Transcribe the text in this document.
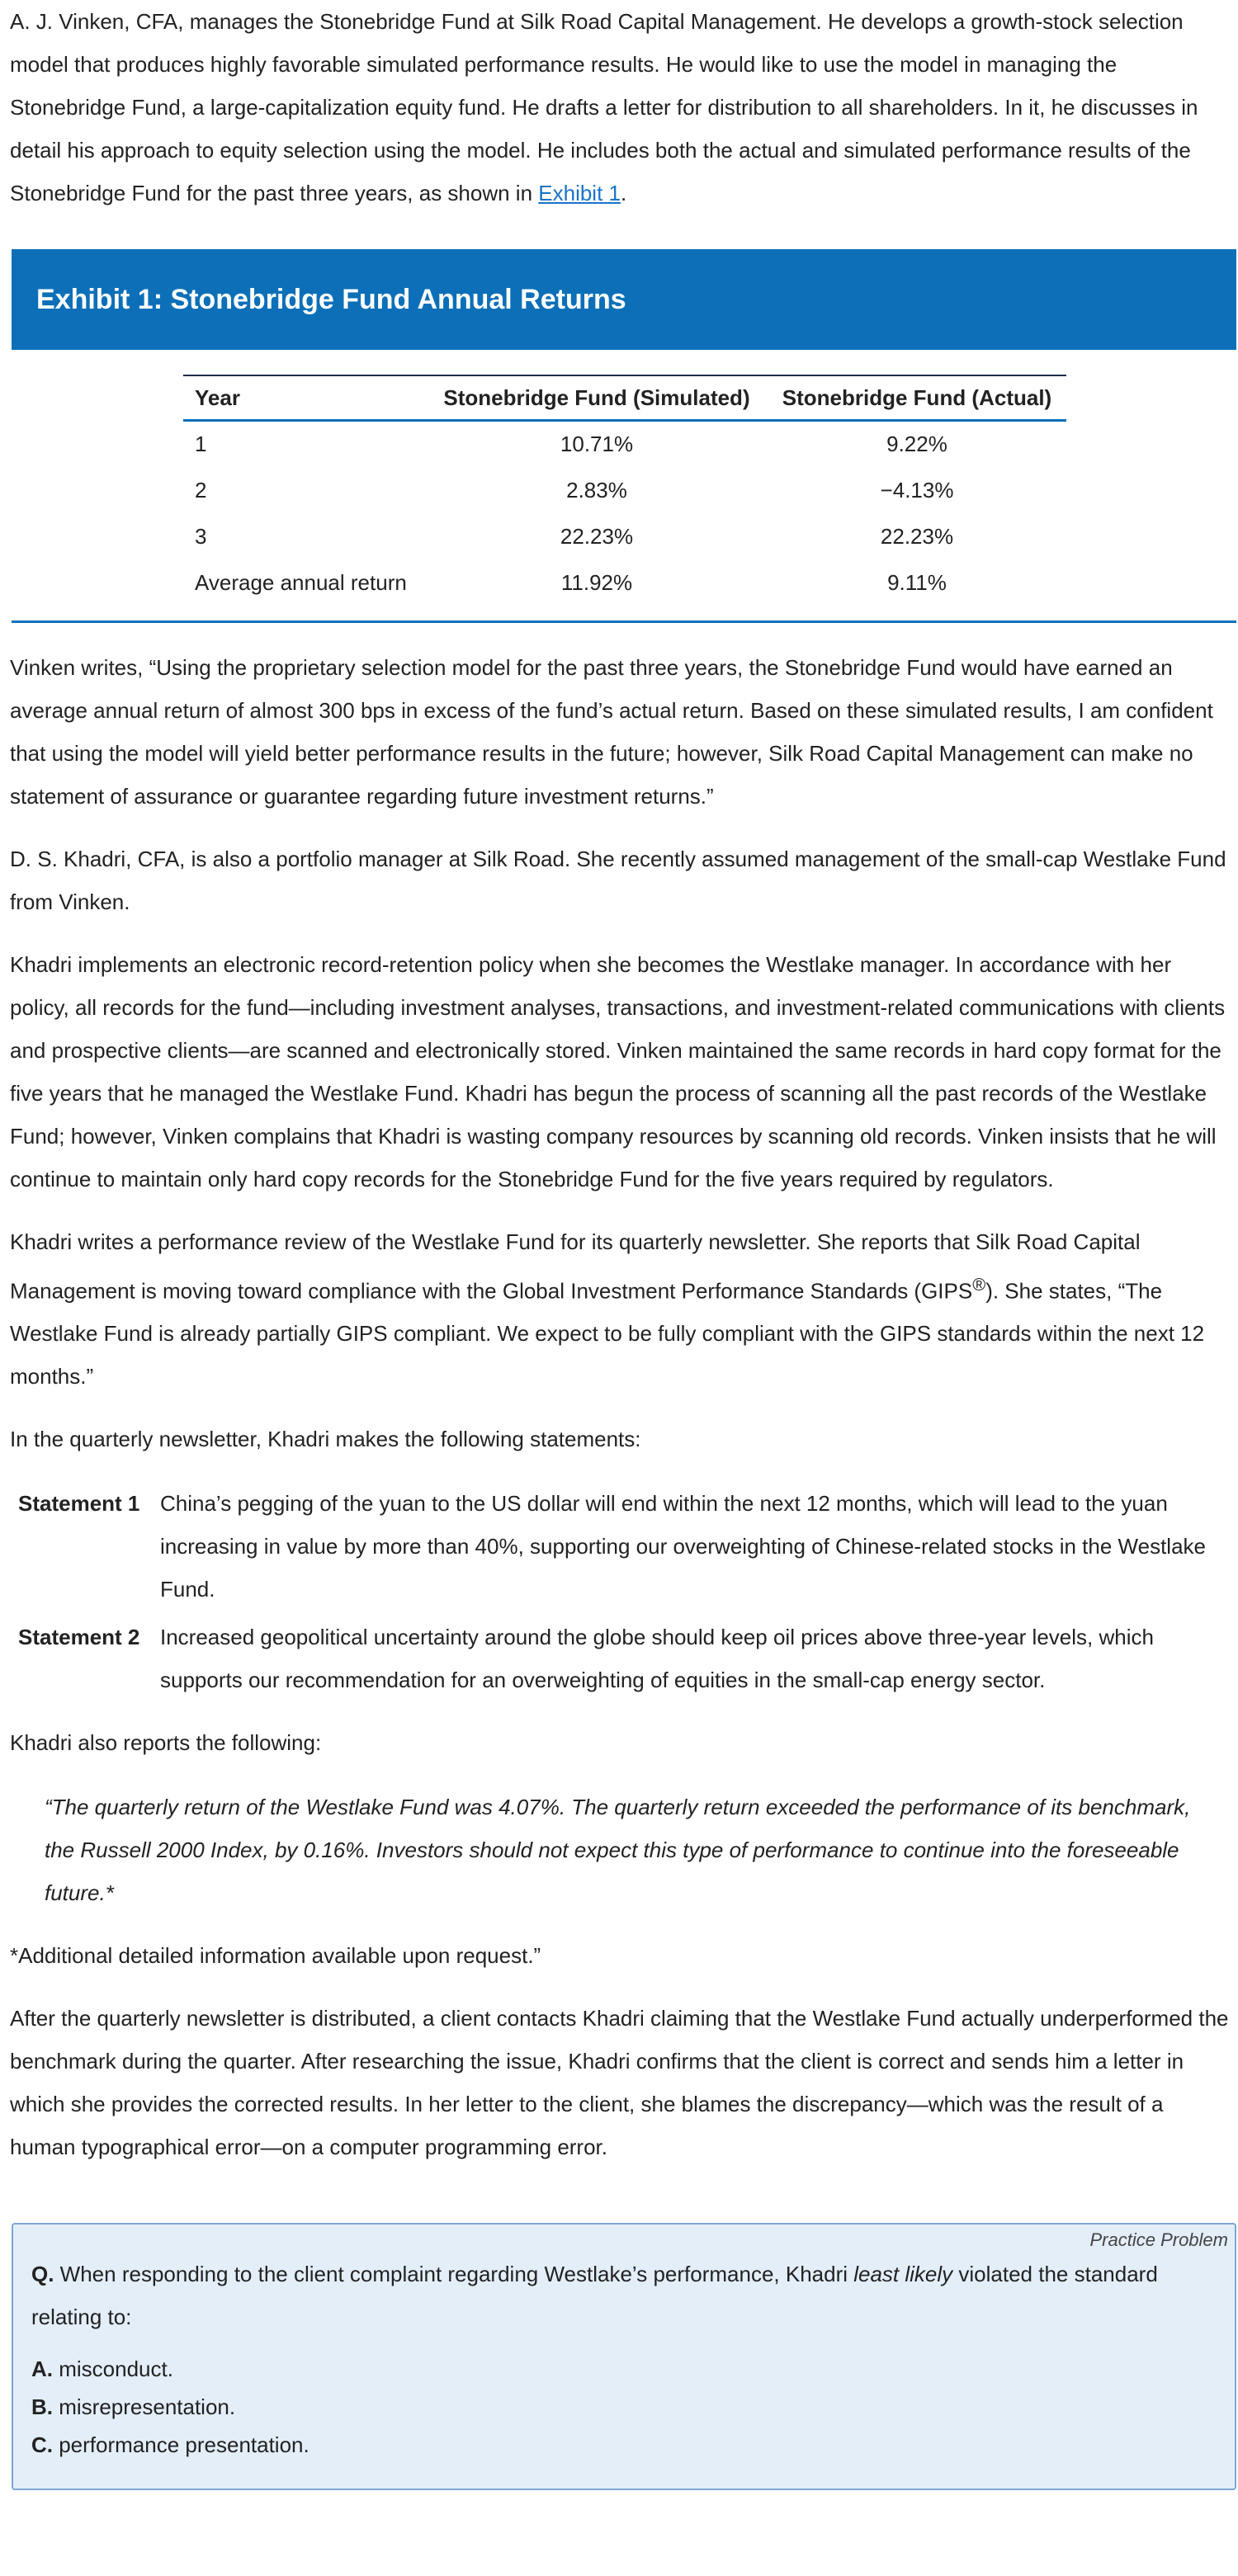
A. J. Vinken, CFA, manages the Stonebridge Fund at Silk Road Capital Management. He develops a growth-stock selection model that produces highly favorable simulated performance results. He would like to use the model in managing the Stonebridge Fund, a large-capitalization equity fund. He drafts a letter for distribution to all shareholders. In it, he discusses in detail his approach to equity selection using the model. He includes both the actual and simulated performance results of the Stonebridge Fund for the past three years, as shown in Exhibit 1.

Exhibit 1: Stonebridge Fund Annual Returns
Year	Stonebridge Fund (Simulated)	Stonebridge Fund (Actual)
1	10.71%	9.22%
2	2.83%	−4.13%
3	22.23%	22.23%
Average annual return	11.92%	9.11%

Vinken writes, “Using the proprietary selection model for the past three years, the Stonebridge Fund would have earned an average annual return of almost 300 bps in excess of the fund’s actual return. Based on these simulated results, I am confident that using the model will yield better performance results in the future; however, Silk Road Capital Management can make no statement of assurance or guarantee regarding future investment returns.”

D. S. Khadri, CFA, is also a portfolio manager at Silk Road. She recently assumed management of the small-cap Westlake Fund from Vinken.

Khadri implements an electronic record-retention policy when she becomes the Westlake manager. In accordance with her policy, all records for the fund—including investment analyses, transactions, and investment-related communications with clients and prospective clients—are scanned and electronically stored. Vinken maintained the same records in hard copy format for the five years that he managed the Westlake Fund. Khadri has begun the process of scanning all the past records of the Westlake Fund; however, Vinken complains that Khadri is wasting company resources by scanning old records. Vinken insists that he will continue to maintain only hard copy records for the Stonebridge Fund for the five years required by regulators.

Khadri writes a performance review of the Westlake Fund for its quarterly newsletter. She reports that Silk Road Capital Management is moving toward compliance with the Global Investment Performance Standards (GIPS®). She states, “The Westlake Fund is already partially GIPS compliant. We expect to be fully compliant with the GIPS standards within the next 12 months.”

In the quarterly newsletter, Khadri makes the following statements:

Statement 1 China’s pegging of the yuan to the US dollar will end within the next 12 months, which will lead to the yuan increasing in value by more than 40%, supporting our overweighting of Chinese-related stocks in the Westlake Fund.
Statement 2 Increased geopolitical uncertainty around the globe should keep oil prices above three-year levels, which supports our recommendation for an overweighting of equities in the small-cap energy sector.

Khadri also reports the following:

“The quarterly return of the Westlake Fund was 4.07%. The quarterly return exceeded the performance of its benchmark, the Russell 2000 Index, by 0.16%. Investors should not expect this type of performance to continue into the foreseeable future.*

*Additional detailed information available upon request.”

After the quarterly newsletter is distributed, a client contacts Khadri claiming that the Westlake Fund actually underperformed the benchmark during the quarter. After researching the issue, Khadri confirms that the client is correct and sends him a letter in which she provides the corrected results. In her letter to the client, she blames the discrepancy—which was the result of a human typographical error—on a computer programming error.

Practice Problem

Q. When responding to the client complaint regarding Westlake’s performance, Khadri least likely violated the standard relating to:

A. misconduct.
B. misrepresentation.
C. performance presentation.
